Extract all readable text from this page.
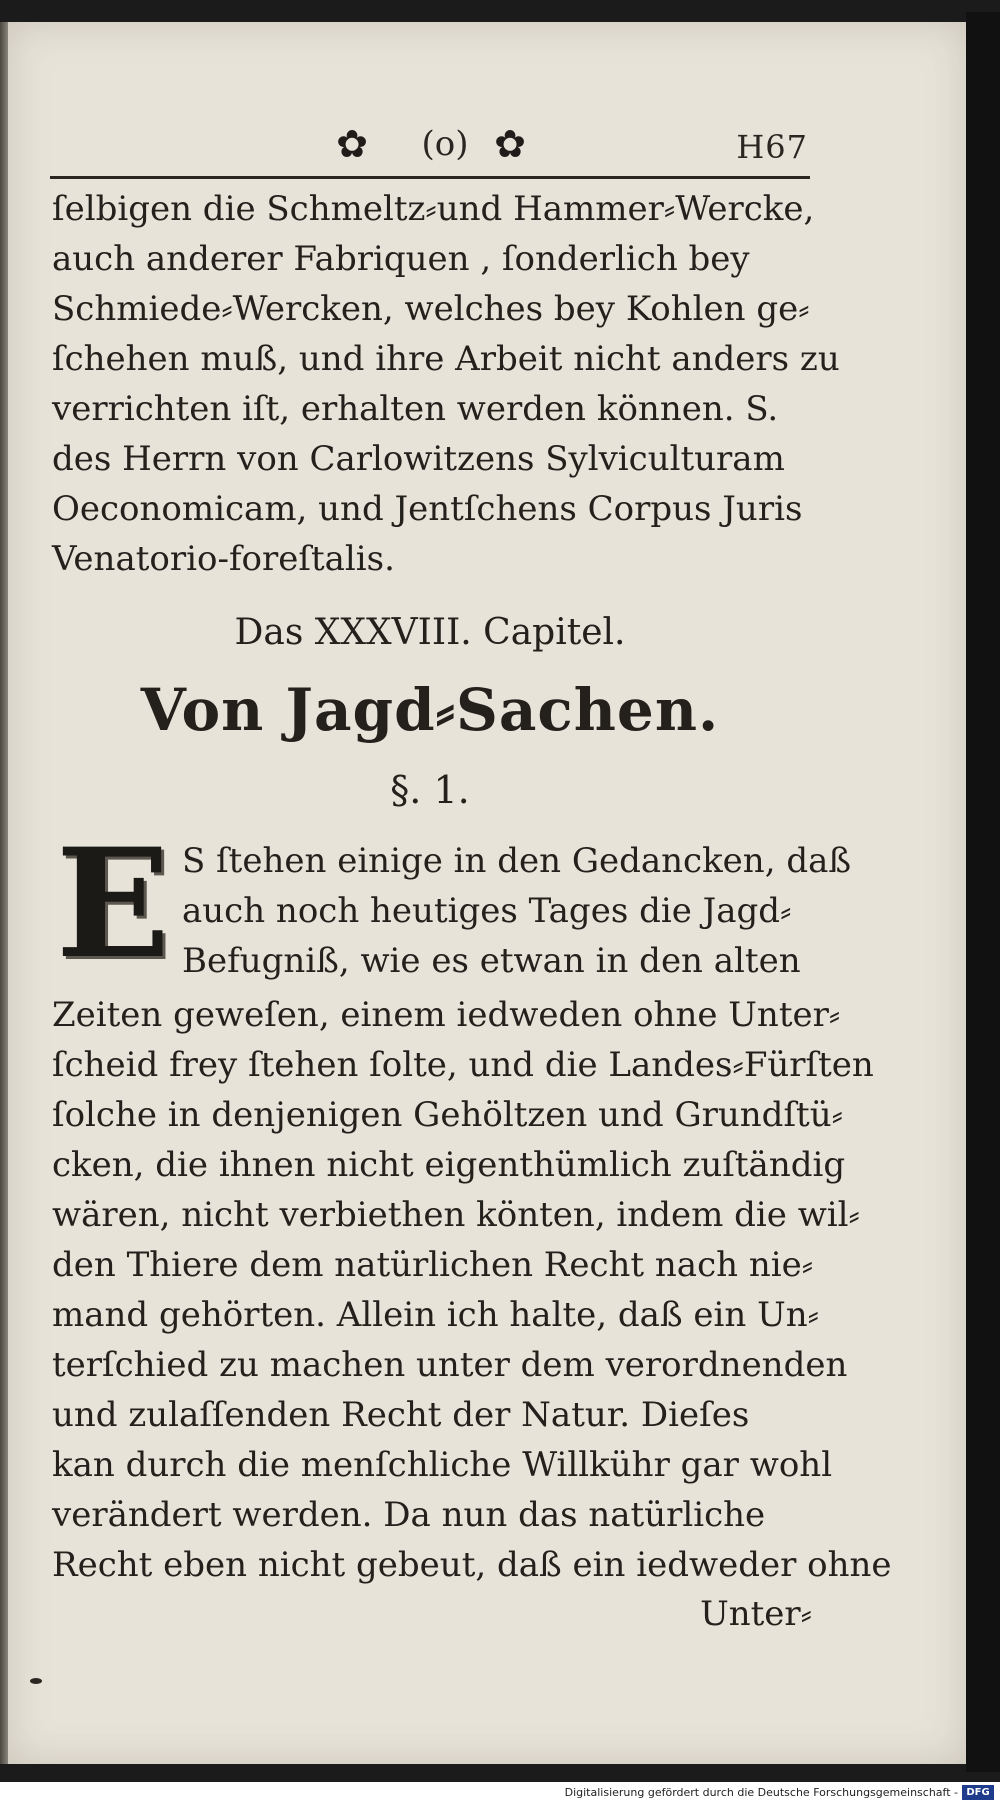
✿	(o) ✿	H67
ſelbigen die Schmeltz⸗und Hammer⸗Wercke,
auch anderer Fabriquen , ſonderlich bey
Schmiede⸗Wercken, welches bey Kohlen ge⸗
ſchehen muß, und ihre Arbeit nicht anders zu
verrichten iſt, erhalten werden können. S.
des Herrn von Carlowitzens Sylviculturam
Oeconomicam, und Jentſchens Corpus Juris
Venatorio-foreſtalis.
Das XXXVIII. Capitel.
Von Jagd⸗Sachen.
§. 1.
E S ſtehen einige in den Gedancken, daß
auch noch heutiges Tages die Jagd⸗
Befugniß, wie es etwan in den alten
Zeiten geweſen, einem iedweden ohne Unter⸗
ſcheid frey ſtehen ſolte, und die Landes⸗Fürſten
ſolche in denjenigen Gehöltzen und Grundſtü⸗
cken, die ihnen nicht eigenthümlich zuſtändig
wären, nicht verbiethen könten, indem die wil⸗
den Thiere dem natürlichen Recht nach nie⸗
mand gehörten. Allein ich halte, daß ein Un⸗
terſchied zu machen unter dem verordnenden
und zulaſſenden Recht der Natur. Dieſes
kan durch die menſchliche Willkühr gar wohl
verändert werden. Da nun das natürliche
Recht eben nicht gebeut, daß ein iedweder ohne
Unter⸗
Digitalisierung gefördert durch die Deutsche Forschungsgemeinschaft - DFG
